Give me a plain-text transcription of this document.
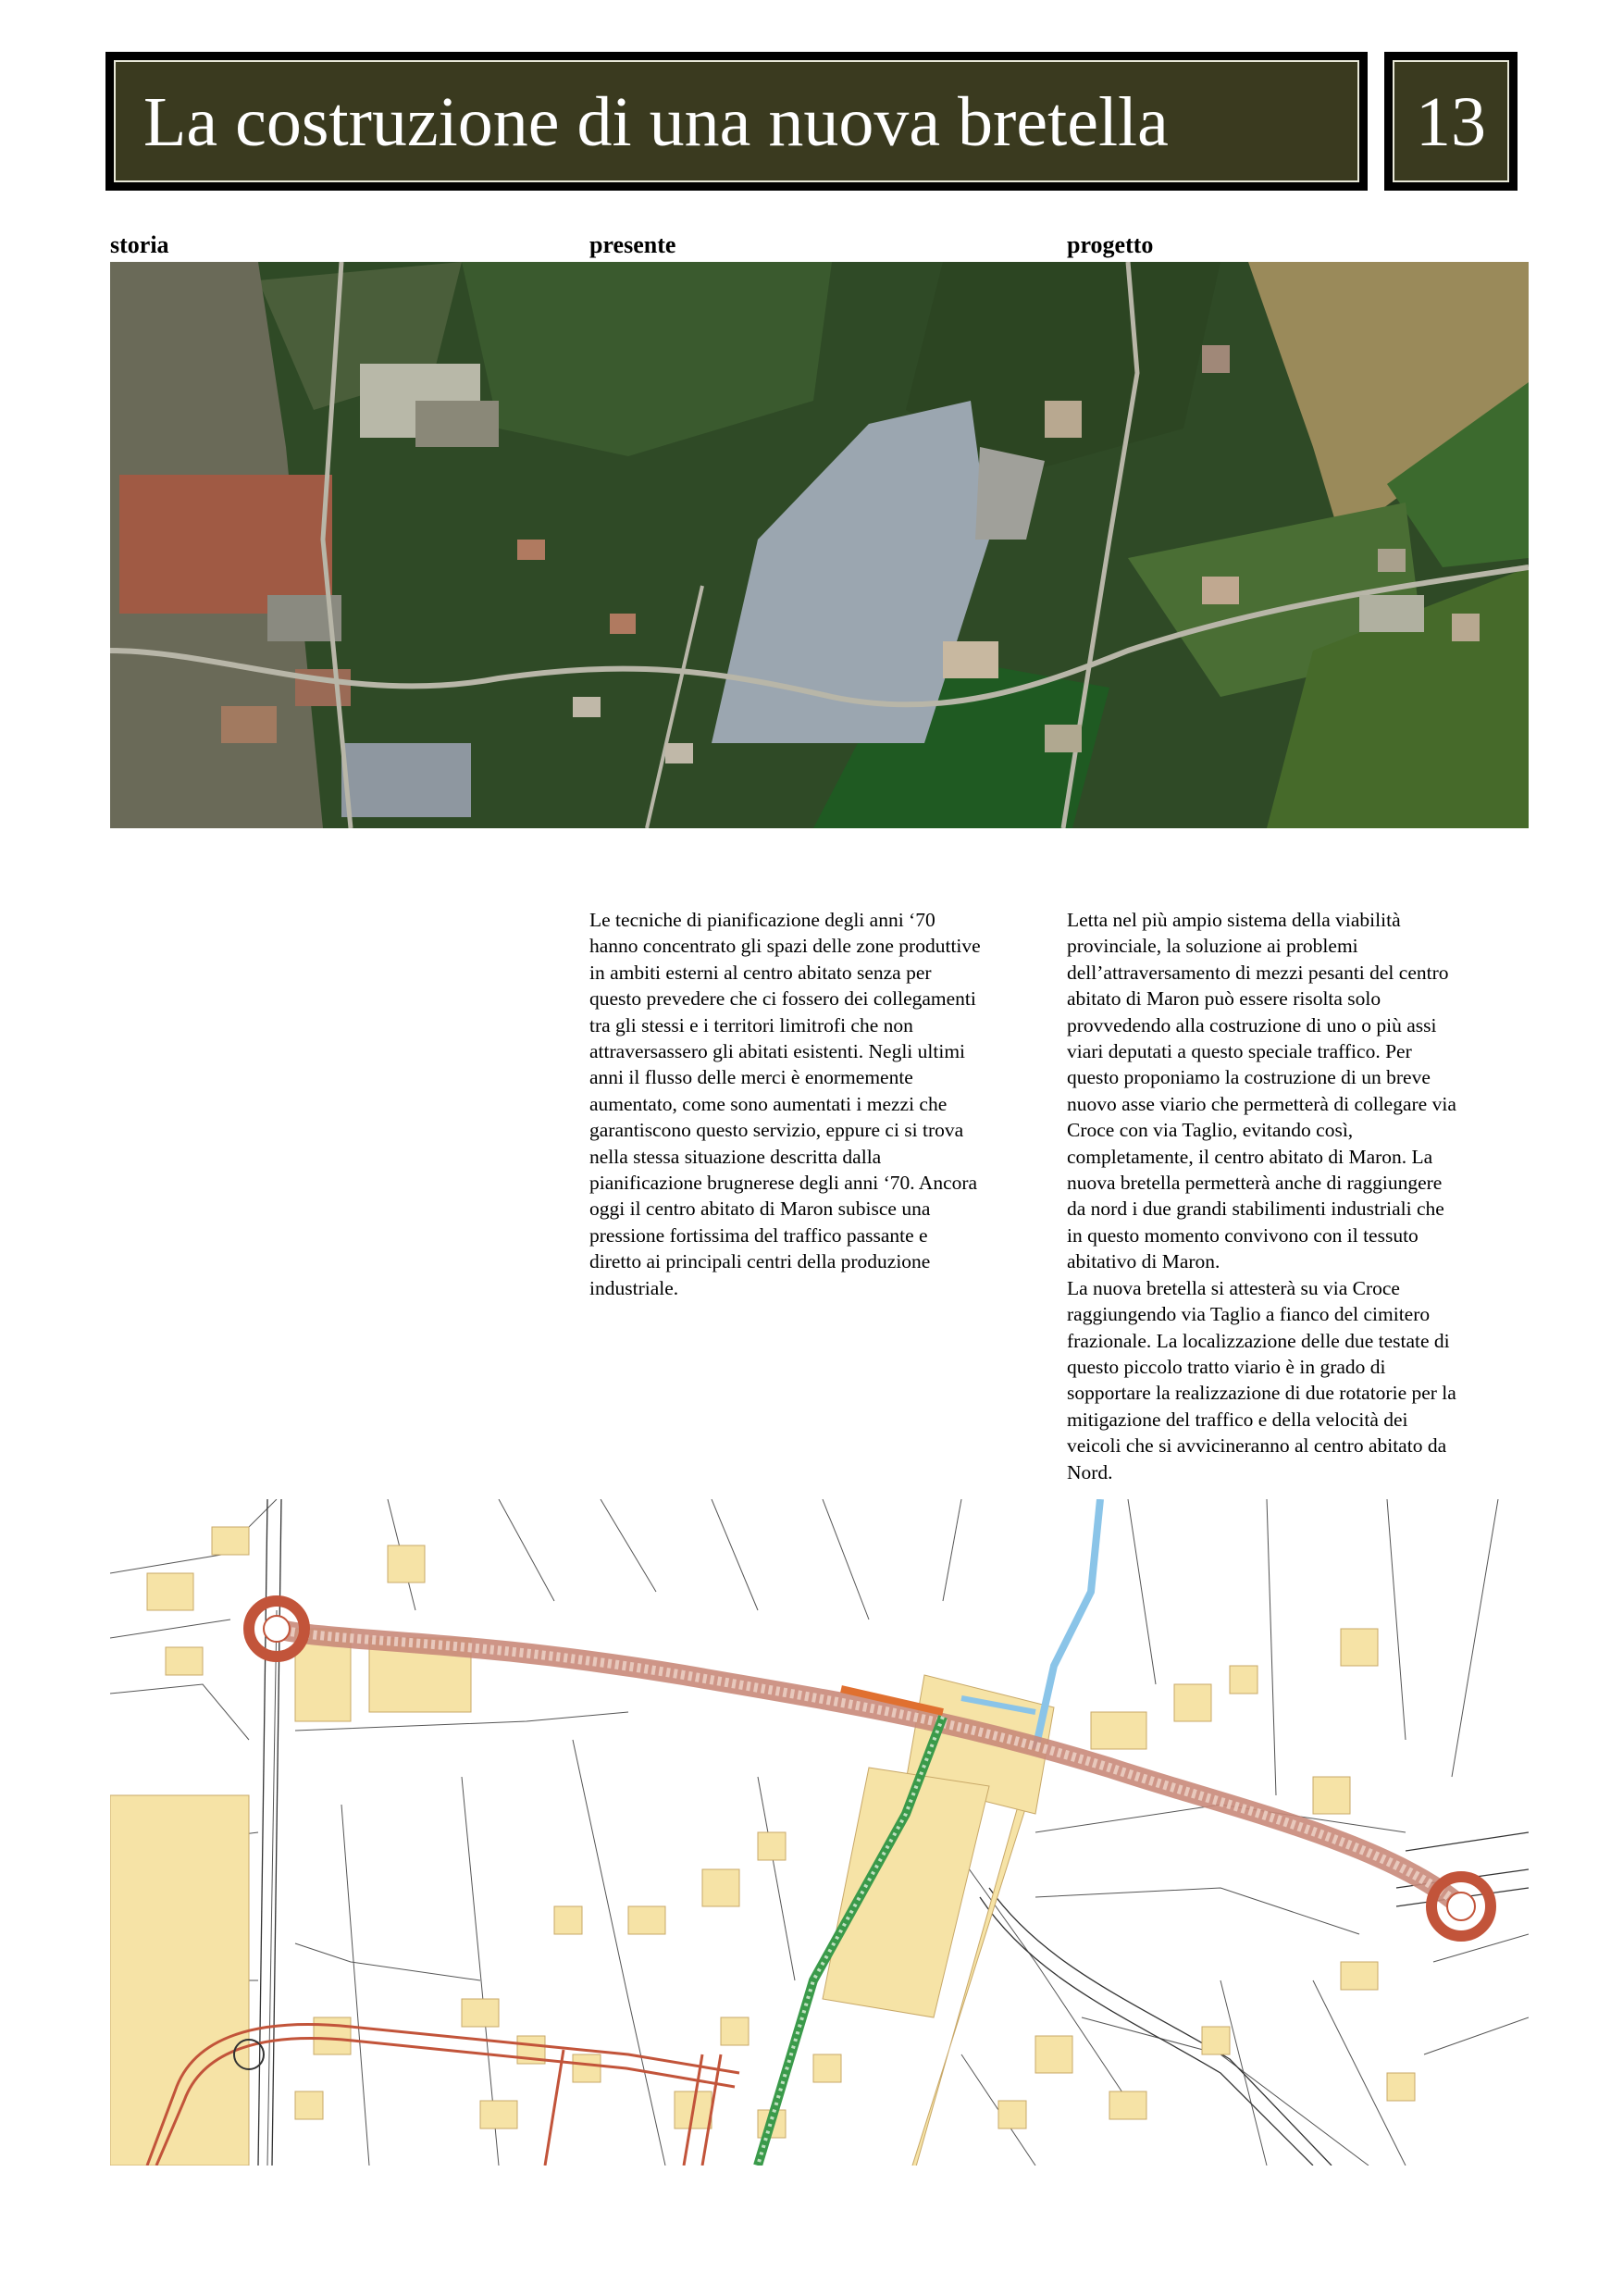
La costruzione di una nuova bretella	13
storia	presente	progetto
Le tecniche di pianificazione degli anni ‘70
hanno concentrato gli spazi delle zone produttive
in ambiti esterni al centro abitato senza per
questo prevedere che ci fossero dei collegamenti
tra gli stessi e i territori limitrofi che non
attraversassero gli abitati esistenti. Negli ultimi
anni il flusso delle merci è enormemente
aumentato, come sono aumentati i mezzi che
garantiscono questo servizio, eppure ci si trova
nella stessa situazione descritta dalla
pianificazione brugnerese degli anni ‘70. Ancora
oggi il centro abitato di Maron subisce una
pressione fortissima del traffico passante e
diretto ai principali centri della produzione
industriale.
Letta nel più ampio sistema della viabilità
provinciale, la soluzione ai problemi
dell’attraversamento di mezzi pesanti del centro
abitato di Maron può essere risolta solo
provvedendo alla costruzione di uno o più assi
viari deputati a questo speciale traffico. Per
questo proponiamo la costruzione di un breve
nuovo asse viario che permetterà di collegare via
Croce con via Taglio, evitando così,
completamente, il centro abitato di Maron. La
nuova bretella permetterà anche di raggiungere
da nord i due grandi stabilimenti industriali che
in questo momento convivono con il tessuto
abitativo di Maron.
La nuova bretella si attesterà su via Croce
raggiungendo via Taglio a fianco del cimitero
frazionale. La localizzazione delle due testate di
questo piccolo tratto viario è in grado di
sopportare la realizzazione di due rotatorie per la
mitigazione del traffico e della velocità dei
veicoli che si avvicineranno al centro abitato da
Nord.
